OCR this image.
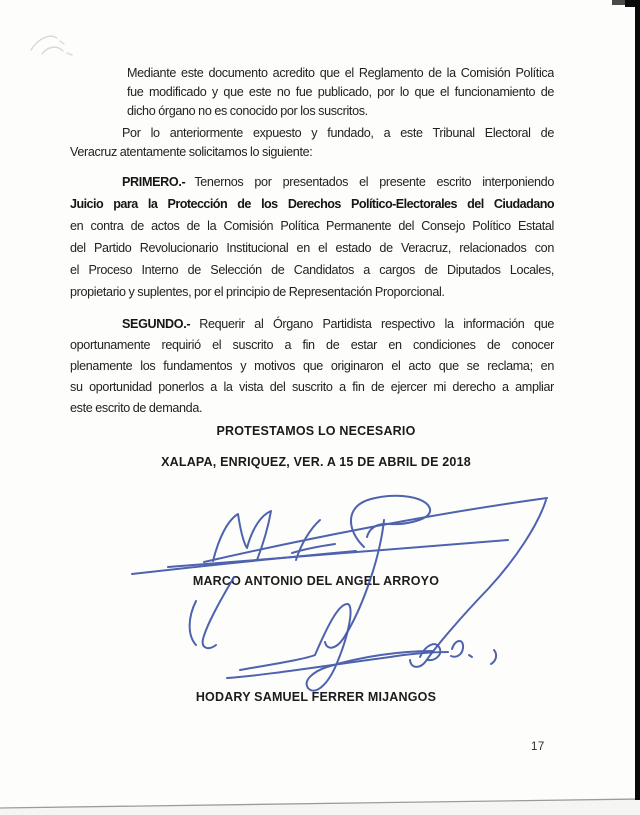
Mediante este documento acredito que el Reglamento de la Comisión Política
fue modificado y que este no fue publicado, por lo que el funcionamiento de
dicho órgano no es conocido por los suscritos.
Por lo anteriormente expuesto y fundado, a este Tribunal Electoral de
Veracruz atentamente solicitamos lo siguiente:
PRIMERO.- Tenernos por presentados el presente escrito interponiendo
Juicio para la Protección de los Derechos Político-Electorales del Ciudadano
en contra de actos de la Comisión Política Permanente del Consejo Político Estatal
del Partido Revolucionario Institucional en el estado de Veracruz, relacionados con
el Proceso Interno de Selección de Candidatos a cargos de Diputados Locales,
propietario y suplentes, por el principio de Representación Proporcional.
SEGUNDO.- Requerir al Órgano Partidista respectivo la información que
oportunamente requirió el suscrito a fin de estar en condiciones de conocer
plenamente los fundamentos y motivos que originaron el acto que se reclama; en
su oportunidad ponerlos a la vista del suscrito a fin de ejercer mi derecho a ampliar
este escrito de demanda.
PROTESTAMOS LO NECESARIO
XALAPA, ENRIQUEZ, VER. A 15 DE ABRIL DE 2018
MARCO ANTONIO DEL ANGEL ARROYO
HODARY SAMUEL FERRER MIJANGOS
17
